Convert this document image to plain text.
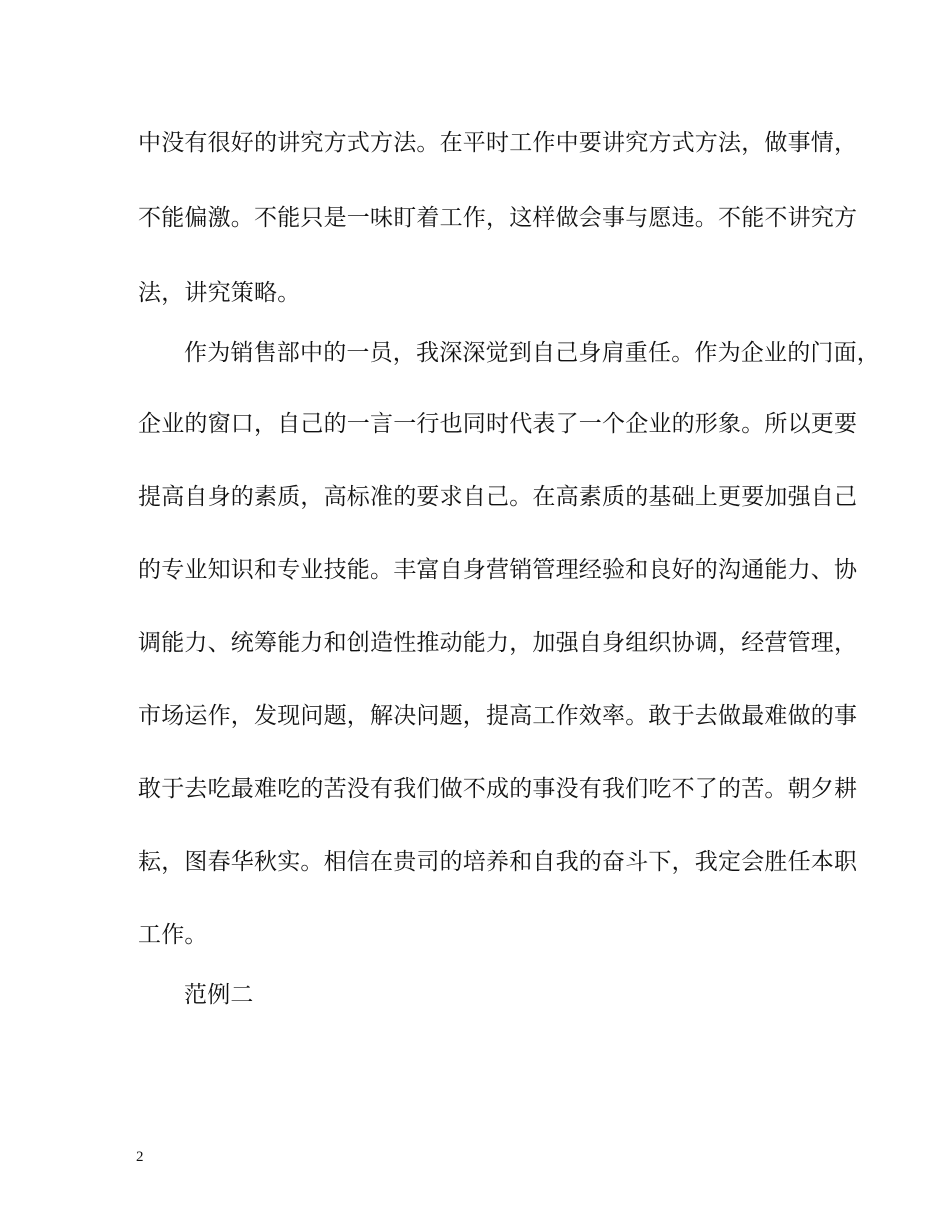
中没有很好的讲究方式方法。在平时工作中要讲究方式方法，做事情，
不能偏激。不能只是一味盯着工作，这样做会事与愿违。不能不讲究方
法，讲究策略。
作为销售部中的一员，我深深觉到自己身肩重任。作为企业的门面，
企业的窗口，自己的一言一行也同时代表了一个企业的形象。所以更要
提高自身的素质，高标准的要求自己。在高素质的基础上更要加强自己
的专业知识和专业技能。丰富自身营销管理经验和良好的沟通能力、协
调能力、统筹能力和创造性推动能力，加强自身组织协调，经营管理，
市场运作，发现问题，解决问题，提高工作效率。敢于去做最难做的事
敢于去吃最难吃的苦没有我们做不成的事没有我们吃不了的苦。朝夕耕
耘，图春华秋实。相信在贵司的培养和自我的奋斗下，我定会胜任本职
工作。
范例二
2
